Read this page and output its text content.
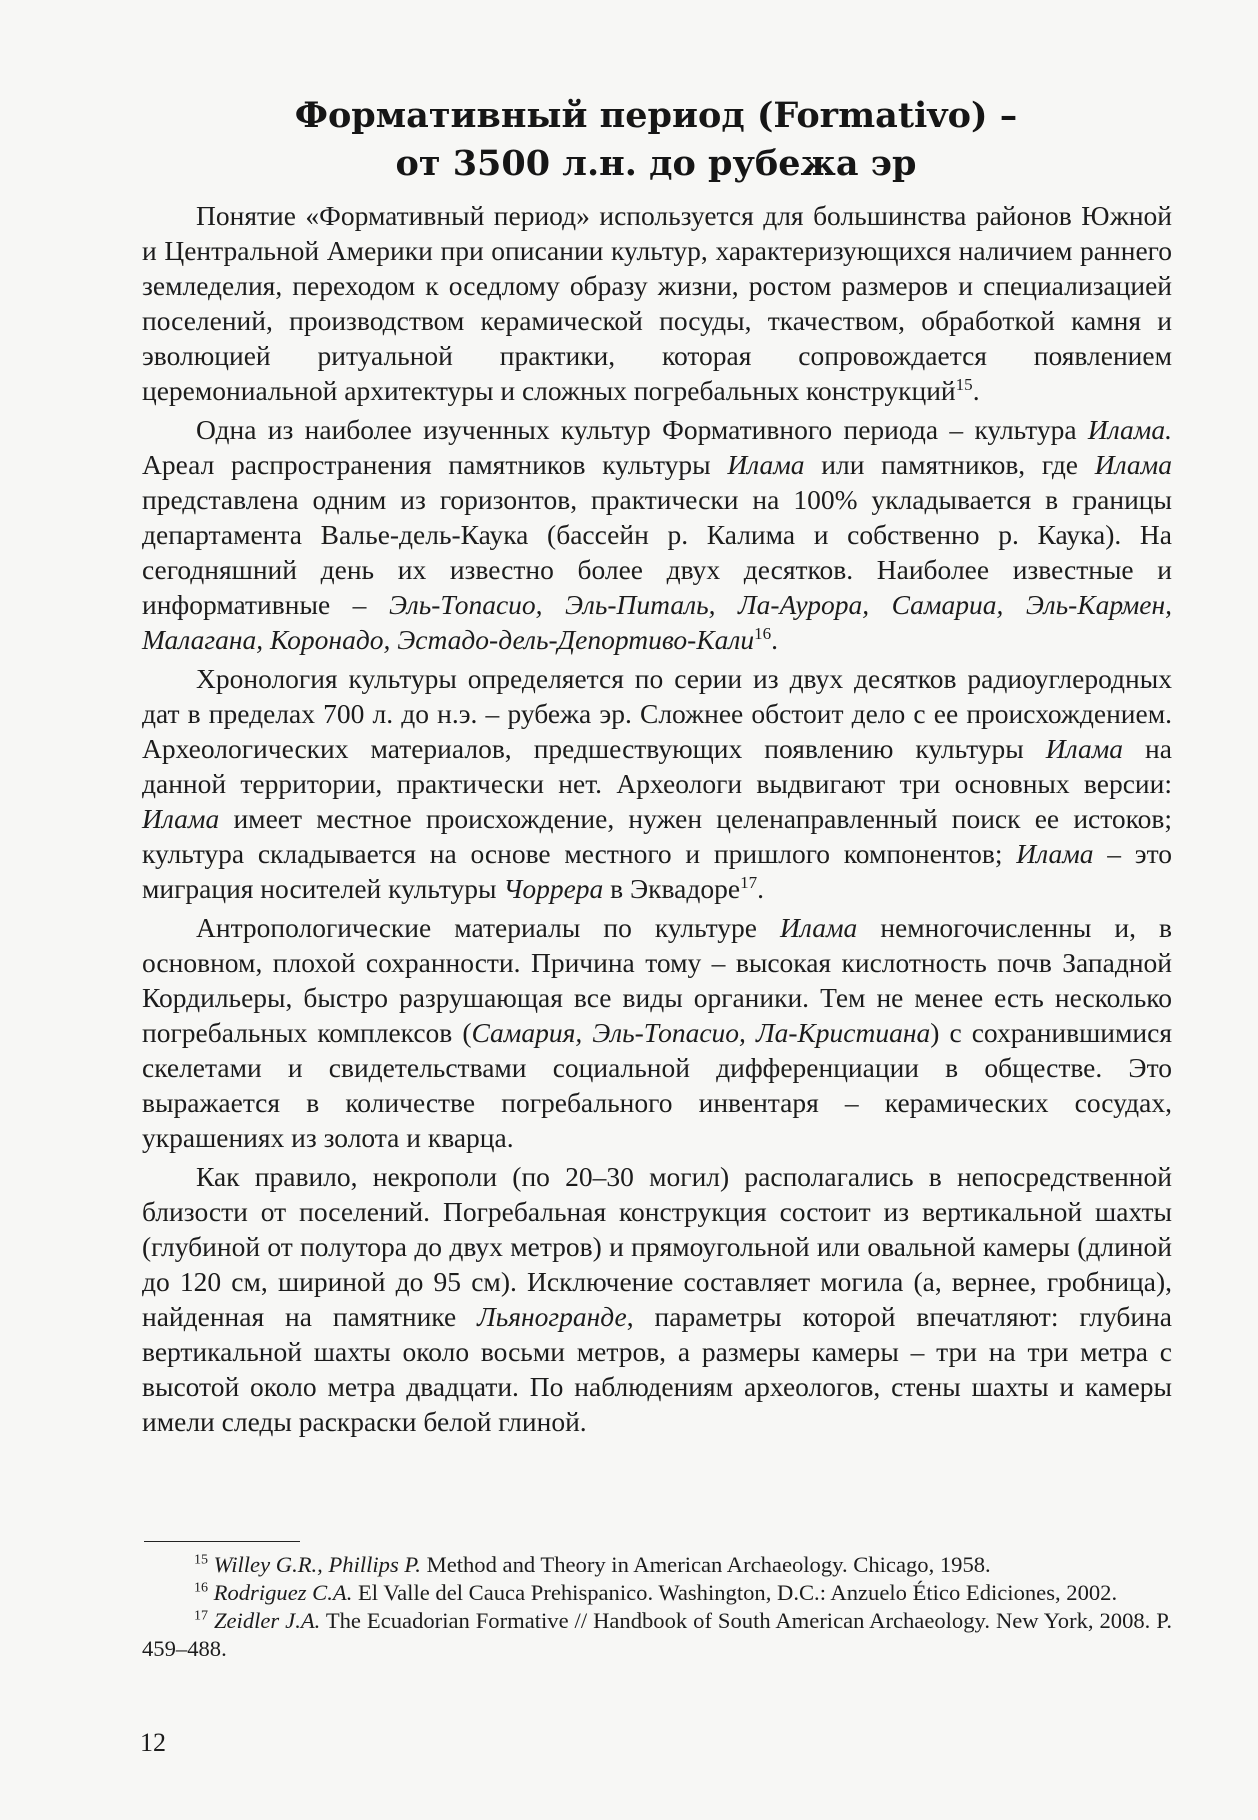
Формативный период (Formativo) –
от 3500 л.н. до рубежа эр

Понятие «Формативный период» используется для большинства районов Южной и Центральной Америки при описании культур, характеризующихся наличием раннего земледелия, переходом к оседлому образу жизни, ростом размеров и специализацией поселений, производством керамической посуды, ткачеством, обработкой камня и эволюцией ритуальной практики, которая сопровождается появлением церемониальной архитектуры и сложных погребальных конструкций$^{15}$.

Одна из наиболее изученных культур Формативного периода – культура Илама. Ареал распространения памятников культуры Илама или памятников, где Илама представлена одним из горизонтов, практически на 100% укладывается в границы департамента Валье-дель-Каука (бассейн р. Калима и собственно р. Каука). На сегодняшний день их известно более двух десятков. Наиболее известные и информативные – Эль-Топасио, Эль-Питаль, Ла-Аурора, Самариа, Эль-Кармен, Малагана, Коронадо, Эстадо-дель-Депортиво-Кали$^{16}$.

Хронология культуры определяется по серии из двух десятков радиоуглеродных дат в пределах 700 л. до н.э. – рубежа эр. Сложнее обстоит дело с ее происхождением. Археологических материалов, предшествующих появлению культуры Илама на данной территории, практически нет. Археологи выдвигают три основных версии: Илама имеет местное происхождение, нужен целенаправленный поиск ее истоков; культура складывается на основе местного и пришлого компонентов; Илама – это миграция носителей культуры Чоррера в Эквадоре$^{17}$.

Антропологические материалы по культуре Илама немногочисленны и, в основном, плохой сохранности. Причина тому – высокая кислотность почв Западной Кордильеры, быстро разрушающая все виды органики. Тем не менее есть несколько погребальных комплексов (Самария, Эль-Топасио, Ла-Кристиана) с сохранившимися скелетами и свидетельствами социальной дифференциации в обществе. Это выражается в количестве погребального инвентаря – керамических сосудах, украшениях из золота и кварца.

Как правило, некрополи (по 20–30 могил) располагались в непосредственной близости от поселений. Погребальная конструкция состоит из вертикальной шахты (глубиной от полутора до двух метров) и прямоугольной или овальной камеры (длиной до 120 см, шириной до 95 см). Исключение составляет могила (а, вернее, гробница), найденная на памятнике Льяногранде, параметры которой впечатляют: глубина вертикальной шахты около восьми метров, а размеры камеры – три на три метра с высотой около метра двадцати. По наблюдениям археологов, стены шахты и камеры имели следы раскраски белой глиной.

$^{15}$ Willey G.R., Phillips P. Method and Theory in American Archaeology. Chicago, 1958.

$^{16}$ Rodriguez C.A. El Valle del Cauca Prehispanico. Washington, D.C.: Anzuelo Ético Ediciones, 2002.

$^{17}$ Zeidler J.A. The Ecuadorian Formative // Handbook of South American Archaeology. New York, 2008. P. 459–488.

12
